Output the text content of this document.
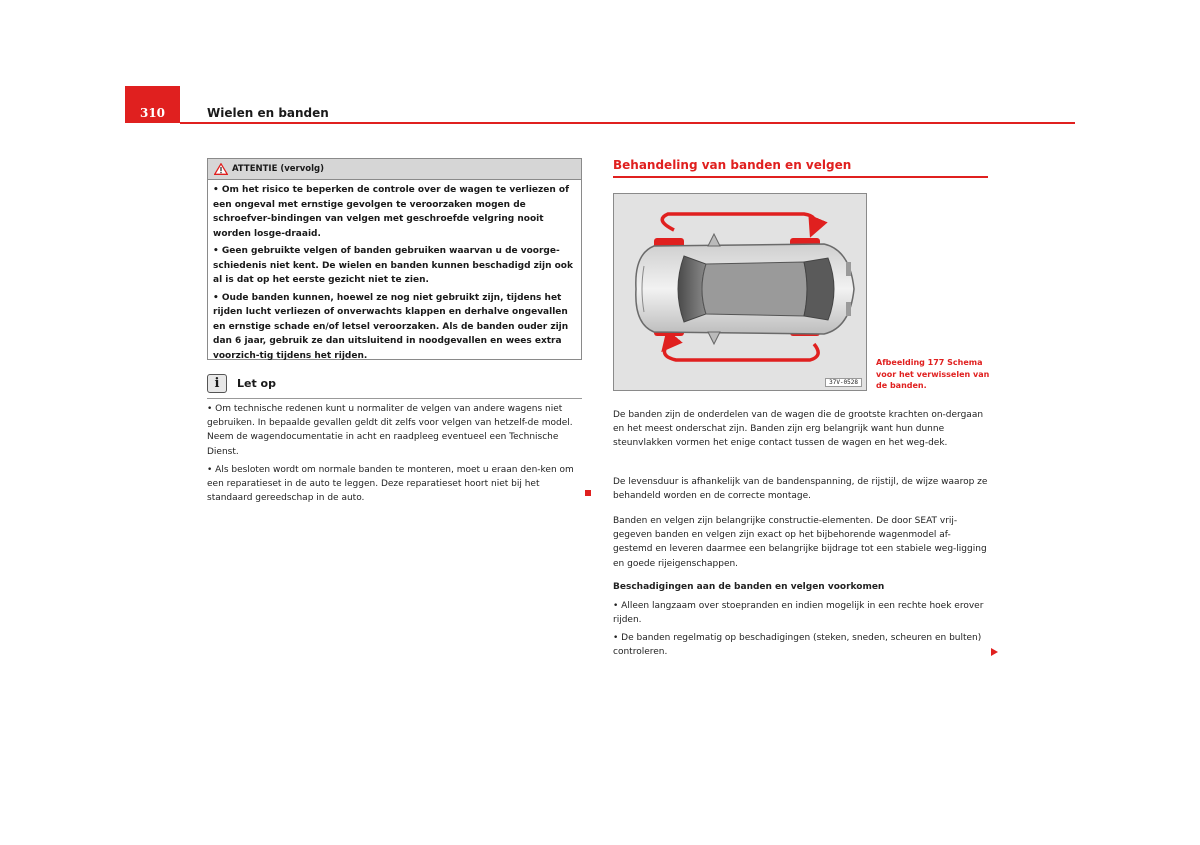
310	Wielen en banden
ATTENTIE (vervolg)

• Om het risico te beperken de controle over de wagen te verliezen of een ongeval met ernstige gevolgen te veroorzaken mogen de schroefver-bindingen van velgen met geschroefde velgring nooit worden losge-draaid.

• Geen gebruikte velgen of banden gebruiken waarvan u de voorge-schiedenis niet kent. De wielen en banden kunnen beschadigd zijn ook al is dat op het eerste gezicht niet te zien.

• Oude banden kunnen, hoewel ze nog niet gebruikt zijn, tijdens het rijden lucht verliezen of onverwachts klappen en derhalve ongevallen en ernstige schade en/of letsel veroorzaken. Als de banden ouder zijn dan 6 jaar, gebruik ze dan uitsluitend in noodgevallen en wees extra voorzich-tig tijdens het rijden.

i	Let op

• Om technische redenen kunt u normaliter de velgen van andere wagens niet gebruiken. In bepaalde gevallen geldt dit zelfs voor velgen van hetzelf-de model. Neem de wagendocumentatie in acht en raadpleeg eventueel een Technische Dienst.

• Als besloten wordt om normale banden te monteren, moet u eraan den-ken om een reparatieset in de auto te leggen. Deze reparatieset hoort niet bij het standaard gereedschap in de auto.

Behandeling van banden en velgen
37V-0528
Afbeelding 177 Schema voor het verwisselen van de banden.

De banden zijn de onderdelen van de wagen die de grootste krachten on-dergaan en het meest onderschat zijn. Banden zijn erg belangrijk want hun dunne steunvlakken vormen het enige contact tussen de wagen en het weg-dek.

De levensduur is afhankelijk van de bandenspanning, de rijstijl, de wijze waarop ze behandeld worden en de correcte montage.

Banden en velgen zijn belangrijke constructie-elementen. De door SEAT vrij-gegeven banden en velgen zijn exact op het bijbehorende wagenmodel af-gestemd en leveren daarmee een belangrijke bijdrage tot een stabiele weg-ligging en goede rijeigenschappen.

Beschadigingen aan de banden en velgen voorkomen

• Alleen langzaam over stoepranden en indien mogelijk in een rechte hoek erover rijden.

• De banden regelmatig op beschadigingen (steken, sneden, scheuren en bulten) controleren.
